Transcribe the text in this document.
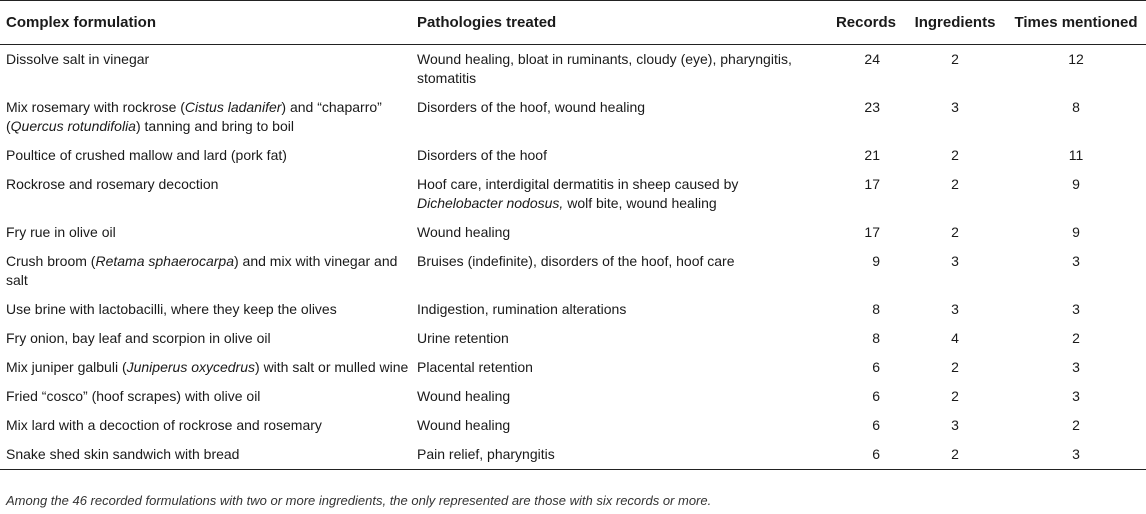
Complex formulation	Pathologies treated	Records	Ingredients	Times mentioned
Dissolve salt in vinegar	Wound healing, bloat in ruminants, cloudy (eye), pharyngitis, stomatitis	24	2	12
Mix rosemary with rockrose (Cistus ladanifer) and “chaparro” (Quercus rotundifolia) tanning and bring to boil	Disorders of the hoof, wound healing	23	3	8
Poultice of crushed mallow and lard (pork fat)	Disorders of the hoof	21	2	11
Rockrose and rosemary decoction	Hoof care, interdigital dermatitis in sheep caused by Dichelobacter nodosus, wolf bite, wound healing	17	2	9
Fry rue in olive oil	Wound healing	17	2	9
Crush broom (Retama sphaerocarpa) and mix with vinegar and salt	Bruises (indefinite), disorders of the hoof, hoof care	9	3	3
Use brine with lactobacilli, where they keep the olives	Indigestion, rumination alterations	8	3	3
Fry onion, bay leaf and scorpion in olive oil	Urine retention	8	4	2
Mix juniper galbuli (Juniperus oxycedrus) with salt or mulled wine	Placental retention	6	2	3
Fried “cosco” (hoof scrapes) with olive oil	Wound healing	6	2	3
Mix lard with a decoction of rockrose and rosemary	Wound healing	6	3	2
Snake shed skin sandwich with bread	Pain relief, pharyngitis	6	2	3
Among the 46 recorded formulations with two or more ingredients, the only represented are those with six records or more.
